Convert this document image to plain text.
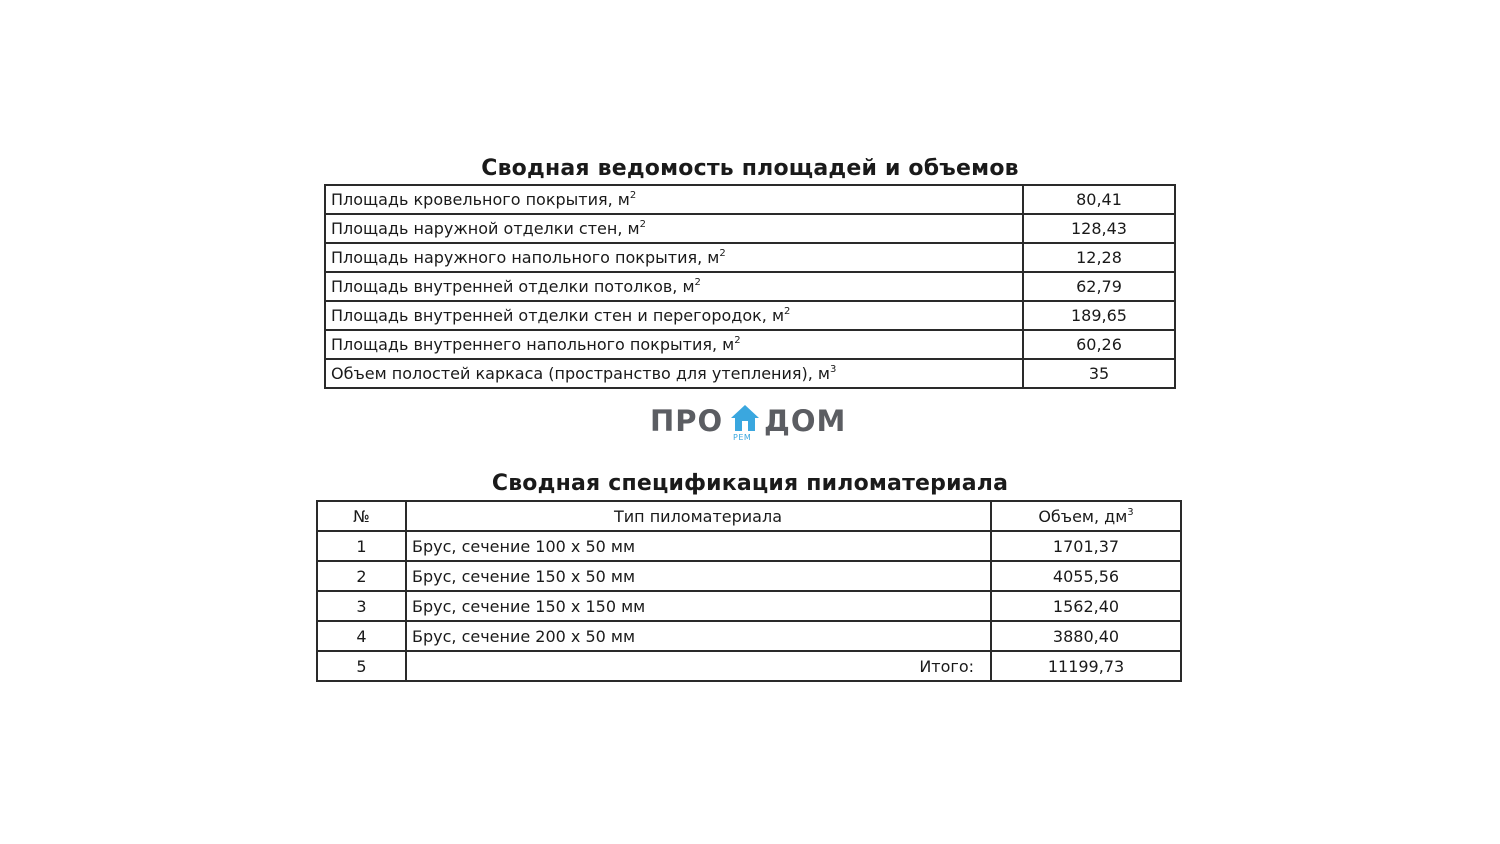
Сводная ведомость площадей и объемов
Площадь кровельного покрытия, $м^2$	80,41
Площадь наружной отделки стен, $м^2$	128,43
Площадь наружного напольного покрытия, $м^2$	12,28
Площадь внутренней отделки потолков, $м^2$	62,79
Площадь внутренней отделки стен и перегородок, $м^2$	189,65
Площадь внутреннего напольного покрытия, $м^2$	60,26
Объем полостей каркаса (пространство для утепления), $м^3$	35
ПРО РЕМ ДОМ
Сводная спецификация пиломатериала
№	Тип пиломатериала	Объем, $дм^3$
1	Брус, сечение 100 х 50 мм	1701,37
2	Брус, сечение 150 х 50 мм	4055,56
3	Брус, сечение 150 х 150 мм	1562,40
4	Брус, сечение 200 х 50 мм	3880,40
5	Итого:	11199,73
